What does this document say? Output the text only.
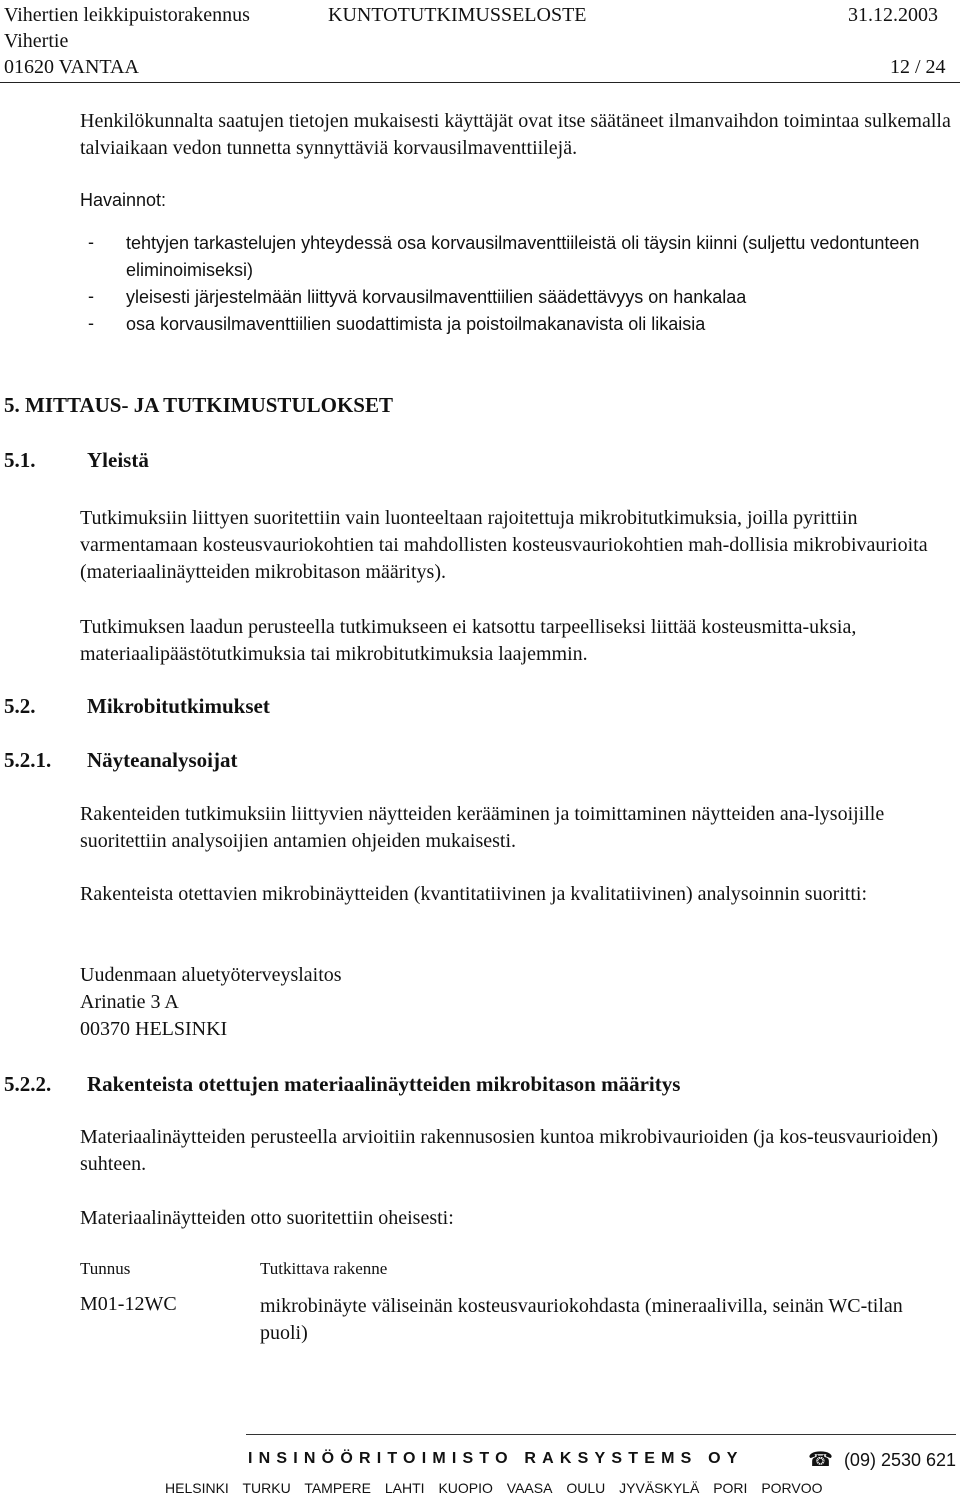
Vihertien leikkipuistorakennus	KUNTOTUTKIMUSSELOSTE	31.12.2003
Vihertie
01620 VANTAA	12 / 24

Henkilökunnalta saatujen tietojen mukaisesti käyttäjät ovat itse säätäneet ilmanvaihdon toimintaa sulkemalla talviaikaan vedon tunnetta synnyttäviä korvausilmaventtiilejä.

Havainnot:
- tehtyjen tarkastelujen yhteydessä osa korvausilmaventtiileistä oli täysin kiinni (suljettu vedontunteen eliminoimiseksi)

- yleisesti järjestelmään liittyvä korvausilmaventtiilien säädettävyys on hankalaa

- osa korvausilmaventtiilien suodattimista ja poistoilmakanavista oli likaisia

5. MITTAUS- JA TUTKIMUSTULOKSET
5.1. Yleistä

Tutkimuksiin liittyen suoritettiin vain luonteeltaan rajoitettuja mikrobitutkimuksia, joilla pyrittiin varmentamaan kosteusvauriokohtien tai mahdollisten kosteusvauriokohtien mah-dollisia mikrobivaurioita (materiaalinäytteiden mikrobitason määritys).

Tutkimuksen laadun perusteella tutkimukseen ei katsottu tarpeelliseksi liittää kosteusmitta-uksia, materiaalipäästötutkimuksia tai mikrobitutkimuksia laajemmin.

5.2. Mikrobitutkimukset
5.2.1. Näyteanalysoijat

Rakenteiden tutkimuksiin liittyvien näytteiden kerääminen ja toimittaminen näytteiden ana-lysoijille suoritettiin analysoijien antamien ohjeiden mukaisesti.

Rakenteista otettavien mikrobinäytteiden (kvantitatiivinen ja kvalitatiivinen) analysoinnin suoritti:

Uudenmaan aluetyöterveyslaitos
Arinatie 3 A
00370 HELSINKI
5.2.2. Rakenteista otettujen materiaalinäytteiden mikrobitason määritys

Materiaalinäytteiden perusteella arvioitiin rakennusosien kuntoa mikrobivaurioiden (ja kos-teusvaurioiden) suhteen.

Materiaalinäytteiden otto suoritettiin oheisesti:

Tunnus	Tutkittava rakenne
M01-12WC	mikrobinäyte väliseinän kosteusvauriokohdasta (mineraalivilla, seinän WC-tilan puoli)

INSINÖÖRITOIMISTO RAKSYSTEMS OY	☎ (09) 2530 621
HELSINKI TURKU TAMPERE LAHTI KUOPIO VAASA OULU JYVÄSKYLÄ PORI PORVOO
